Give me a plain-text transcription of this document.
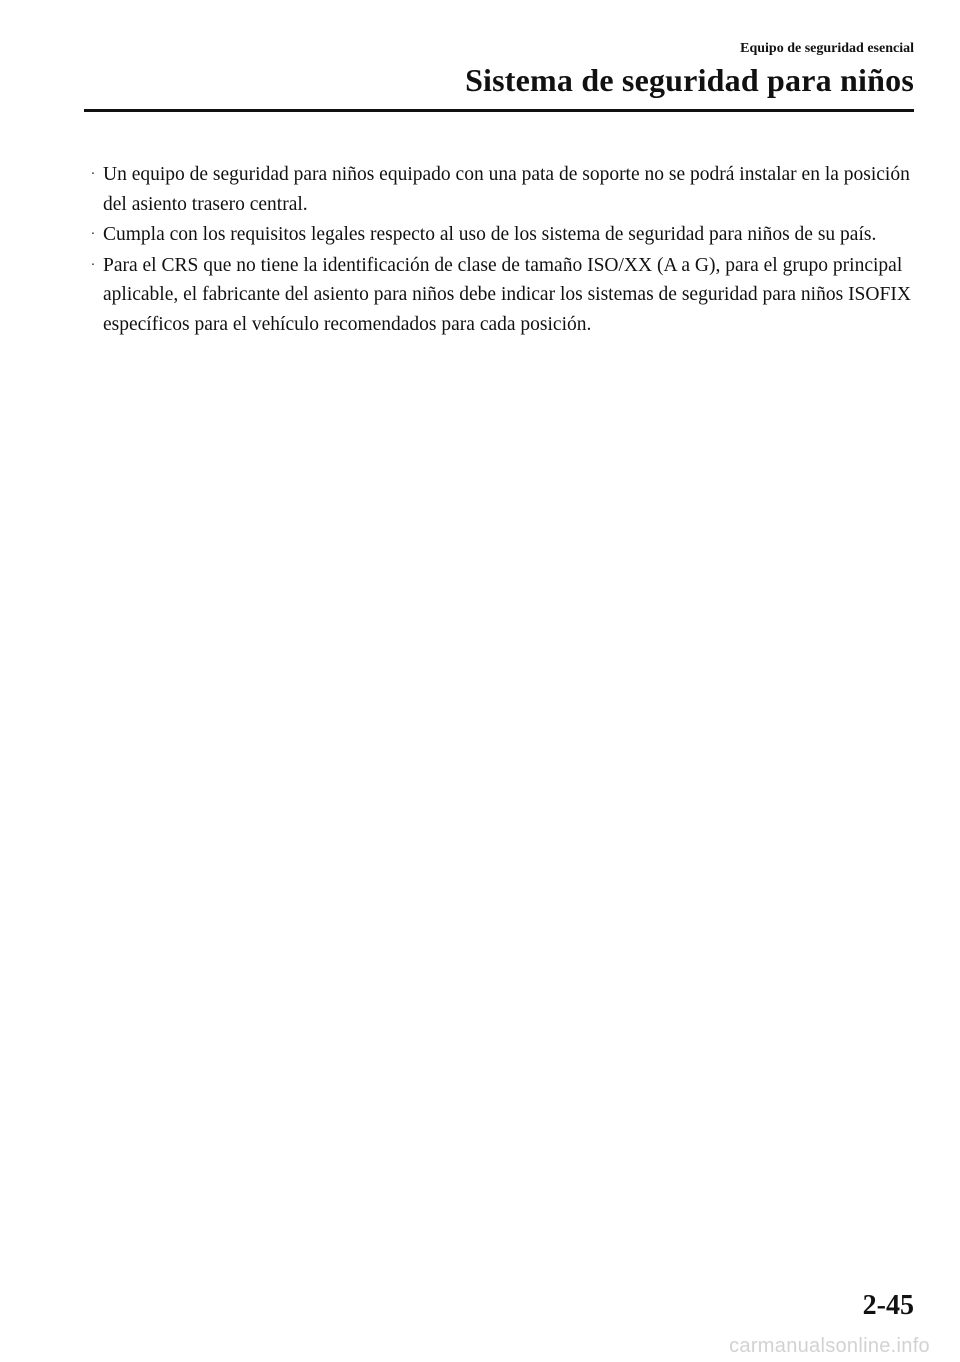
Equipo de seguridad esencial

Sistema de seguridad para niños
· Un equipo de seguridad para niños equipado con una pata de soporte no se podrá instalar en la posición del asiento trasero central.
· Cumpla con los requisitos legales respecto al uso de los sistema de seguridad para niños de su país.
· Para el CRS que no tiene la identificación de clase de tamaño ISO/XX (A a G), para el grupo principal aplicable, el fabricante del asiento para niños debe indicar los sistemas de seguridad para niños ISOFIX específicos para el vehículo recomendados para cada posición.

2-45

carmanualsonline.info
